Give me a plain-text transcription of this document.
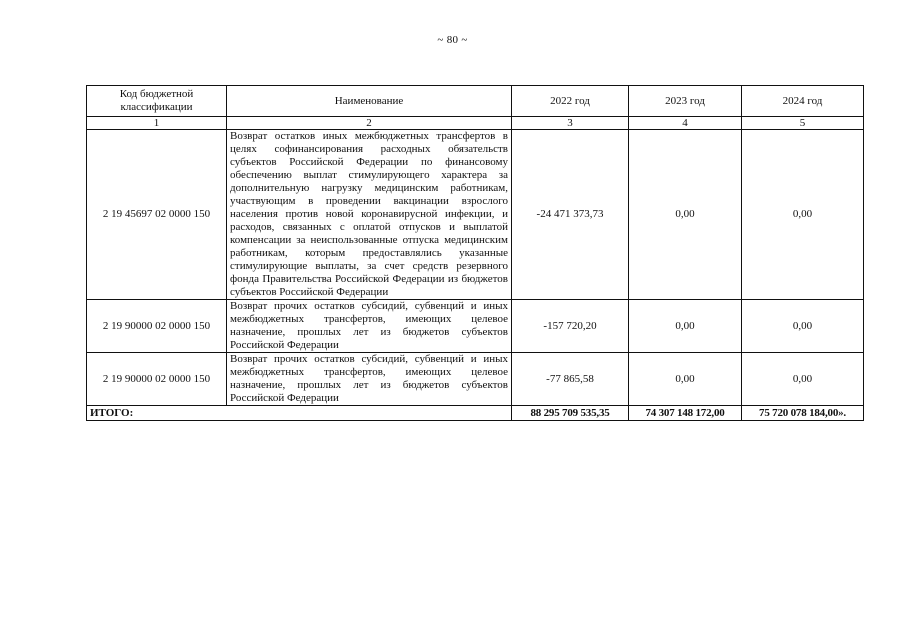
~ 80 ~
Код бюджетной классификации	Наименование	2022 год	2023 год	2024 год
1	2	3	4	5
2 19 45697 02 0000 150	Возврат остатков иных межбюджетных трансфертов в целях софинансирования расходных обязательств субъектов Российской Федерации по финансовому обеспечению выплат стимулирующего характера за дополнительную нагрузку медицинским работникам, участвующим в проведении вакцинации взрослого населения против новой коронавирусной инфекции, и расходов, связанных с оплатой отпусков и выплатой компенсации за неиспользованные отпуска медицинским работникам, которым предоставлялись указанные стимулирующие выплаты, за счет средств резервного фонда Правительства Российской Федерации из бюджетов субъектов Российской Федерации	-24 471 373,73	0,00	0,00
2 19 90000 02 0000 150	Возврат прочих остатков субсидий, субвенций и иных межбюджетных трансфертов, имеющих целевое назначение, прошлых лет из бюджетов субъектов Российской Федерации	-157 720,20	0,00	0,00
2 19 90000 02 0000 150	Возврат прочих остатков субсидий, субвенций и иных межбюджетных трансфертов, имеющих целевое назначение, прошлых лет из бюджетов субъектов Российской Федерации	-77 865,58	0,00	0,00
ИТОГО:		88 295 709 535,35	74 307 148 172,00	75 720 078 184,00».
